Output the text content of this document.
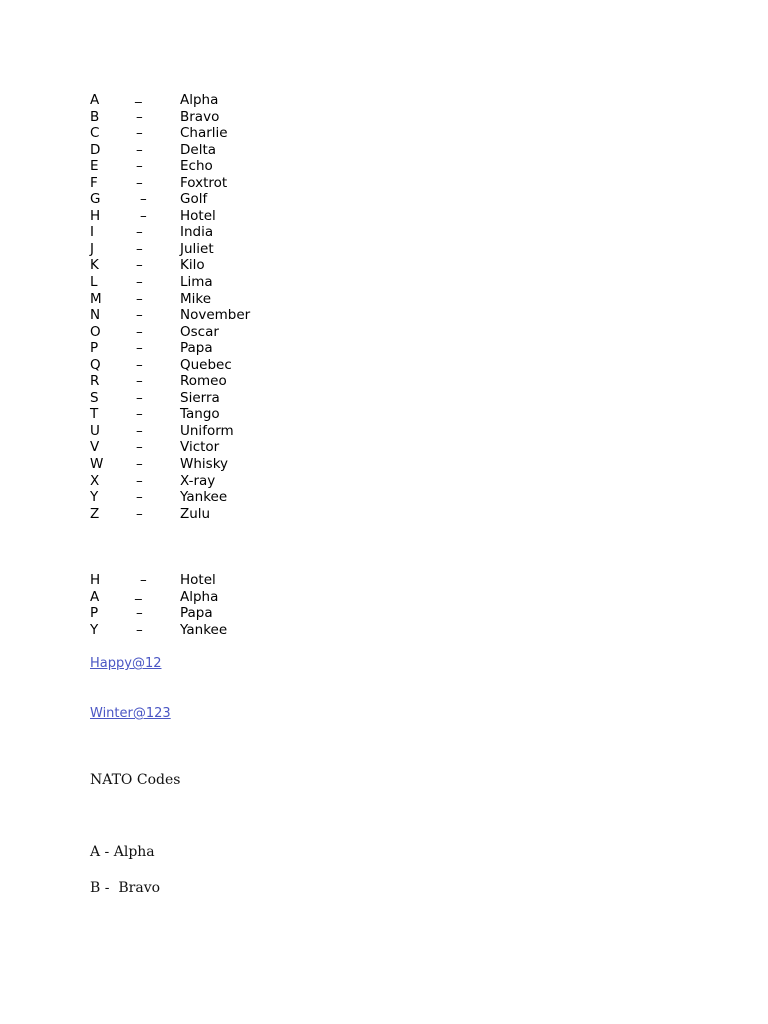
A	_	Alpha
B	–	Bravo
C	–	Charlie
D	–	Delta
E	–	Echo
F	–	Foxtrot
G	– Golf
H	– Hotel
I	–	India
J	–	Juliet
K	–	Kilo
L	–	Lima
M	–	Mike
N	–	November
O	–	Oscar
P	–	Papa
Q	–	Quebec
R	–	Romeo
S	–	Sierra
T	–	Tango
U	–	Uniform
V	–	Victor
W –	Whisky
X	–	X-ray
Y	–	Yankee
Z	–	Zulu
H	– Hotel
A	_	Alpha
P	–	Papa
Y	–	Yankee
Happy@12
Winter@123
NATO Codes
A - Alpha
B -  Bravo
